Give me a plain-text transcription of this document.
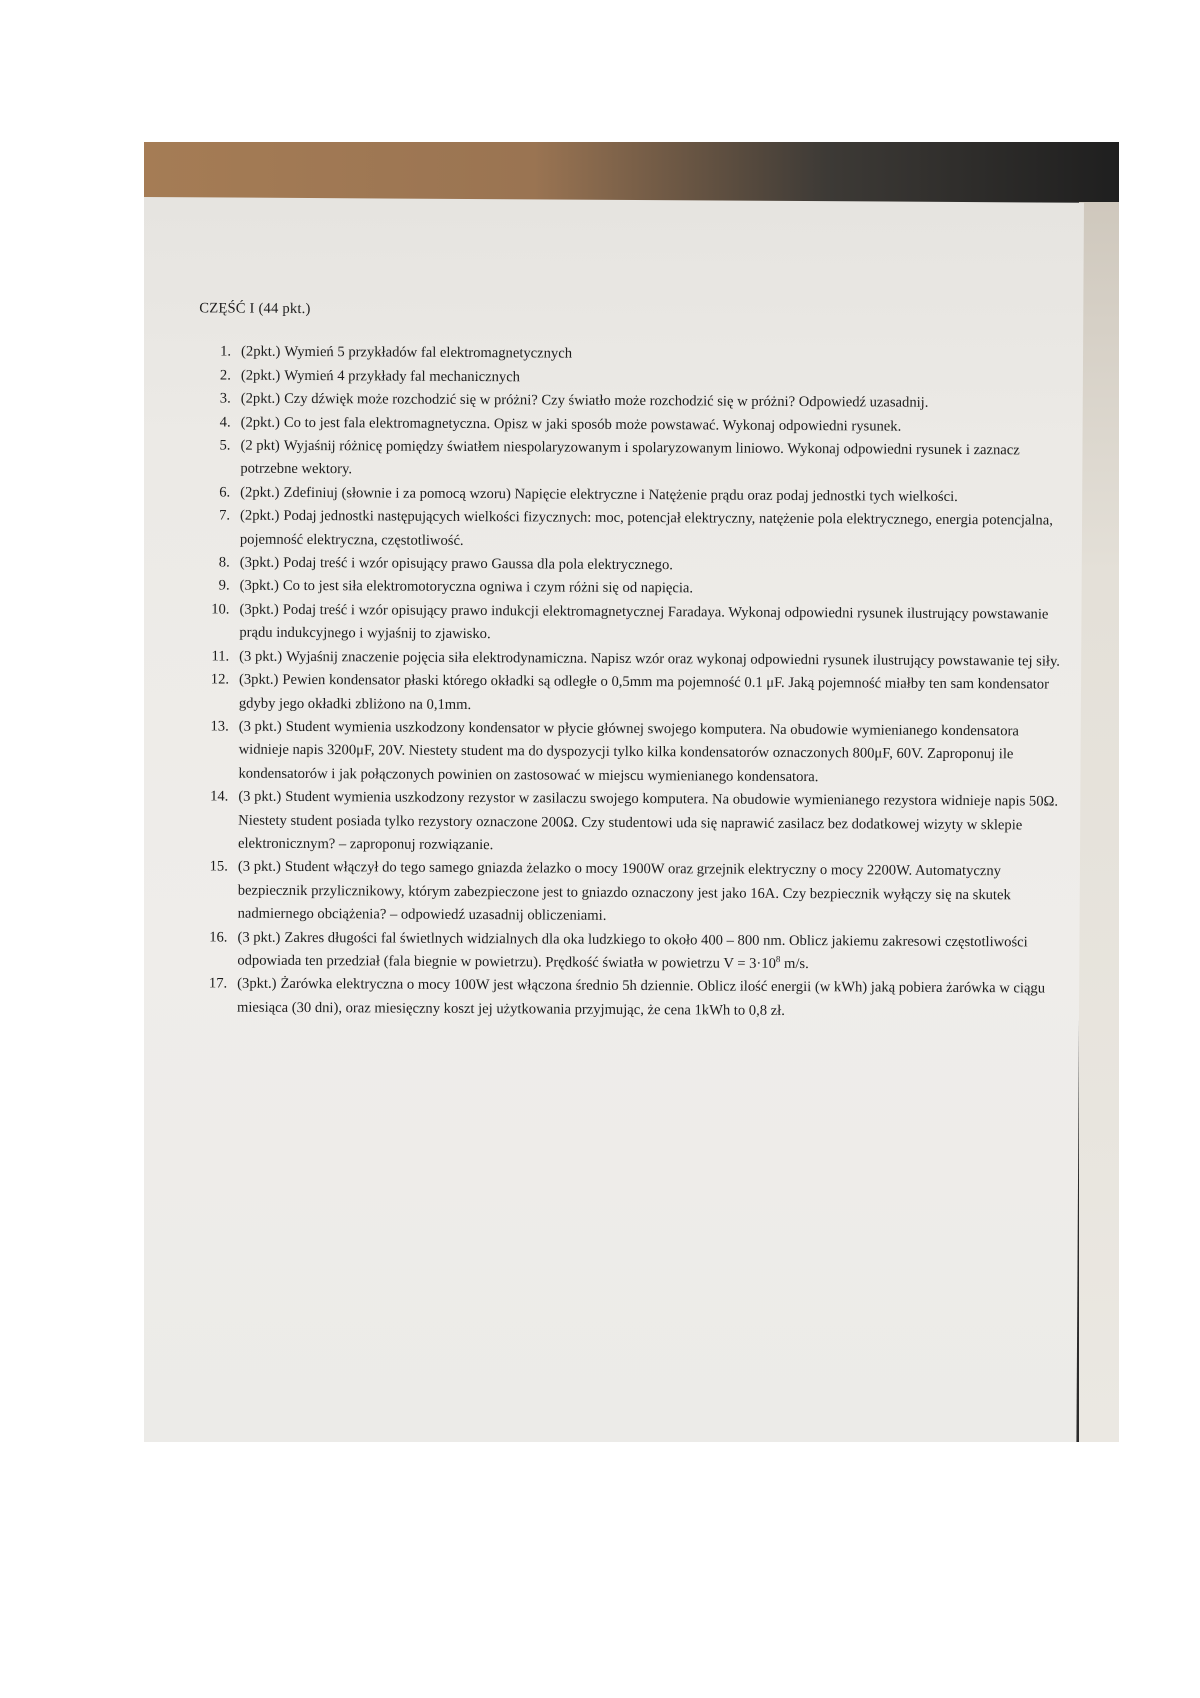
CZĘŚĆ I (44 pkt.)
1. (2pkt.) Wymień 5 przykładów fal elektromagnetycznych
2. (2pkt.) Wymień 4 przykłady fal mechanicznych
3. (2pkt.) Czy dźwięk może rozchodzić się w próżni? Czy światło może rozchodzić się w próżni? Odpowiedź uzasadnij.
4. (2pkt.) Co to jest fala elektromagnetyczna. Opisz w jaki sposób może powstawać. Wykonaj odpowiedni rysunek.
5. (2 pkt) Wyjaśnij różnicę pomiędzy światłem niespolaryzowanym i spolaryzowanym liniowo. Wykonaj odpowiedni rysunek i zaznacz potrzebne wektory.
6. (2pkt.) Zdefiniuj (słownie i za pomocą wzoru) Napięcie elektryczne i Natężenie prądu oraz podaj jednostki tych wielkości.
7. (2pkt.) Podaj jednostki następujących wielkości fizycznych: moc, potencjał elektryczny, natężenie pola elektrycznego, energia potencjalna, pojemność elektryczna, częstotliwość.
8. (3pkt.) Podaj treść i wzór opisujący prawo Gaussa dla pola elektrycznego.
9. (3pkt.) Co to jest siła elektromotoryczna ogniwa i czym różni się od napięcia.
10. (3pkt.) Podaj treść i wzór opisujący prawo indukcji elektromagnetycznej Faradaya. Wykonaj odpowiedni rysunek ilustrujący powstawanie prądu indukcyjnego i wyjaśnij to zjawisko.
11. (3 pkt.) Wyjaśnij znaczenie pojęcia siła elektrodynamiczna. Napisz wzór oraz wykonaj odpowiedni rysunek ilustrujący powstawanie tej siły.
12. (3pkt.) Pewien kondensator płaski którego okładki są odległe o 0,5mm ma pojemność 0.1 μF. Jaką pojemność miałby ten sam kondensator gdyby jego okładki zbliżono na 0,1mm.
13. (3 pkt.) Student wymienia uszkodzony kondensator w płycie głównej swojego komputera. Na obudowie wymienianego kondensatora widnieje napis 3200μF, 20V. Niestety student ma do dyspozycji tylko kilka kondensatorów oznaczonych 800μF, 60V. Zaproponuj ile kondensatorów i jak połączonych powinien on zastosować w miejscu wymienianego kondensatora.
14. (3 pkt.) Student wymienia uszkodzony rezystor w zasilaczu swojego komputera. Na obudowie wymienianego rezystora widnieje napis 50Ω. Niestety student posiada tylko rezystory oznaczone 200Ω. Czy studentowi uda się naprawić zasilacz bez dodatkowej wizyty w sklepie elektronicznym? – zaproponuj rozwiązanie.
15. (3 pkt.) Student włączył do tego samego gniazda żelazko o mocy 1900W oraz grzejnik elektryczny o mocy 2200W. Automatyczny bezpiecznik przylicznikowy, którym zabezpieczone jest to gniazdo oznaczony jest jako 16A. Czy bezpiecznik wyłączy się na skutek nadmiernego obciążenia? – odpowiedź uzasadnij obliczeniami.
16. (3 pkt.) Zakres długości fal świetlnych widzialnych dla oka ludzkiego to około 400 – 800 nm. Oblicz jakiemu zakresowi częstotliwości odpowiada ten przedział (fala biegnie w powietrzu). Prędkość światła w powietrzu $V = 3\cdot 10^8$ m/s.
17. (3pkt.) Żarówka elektryczna o mocy 100W jest włączona średnio 5h dziennie. Oblicz ilość energii (w kWh) jaką pobiera żarówka w ciągu miesiąca (30 dni), oraz miesięczny koszt jej użytkowania przyjmując, że cena 1kWh to 0,8 zł.
